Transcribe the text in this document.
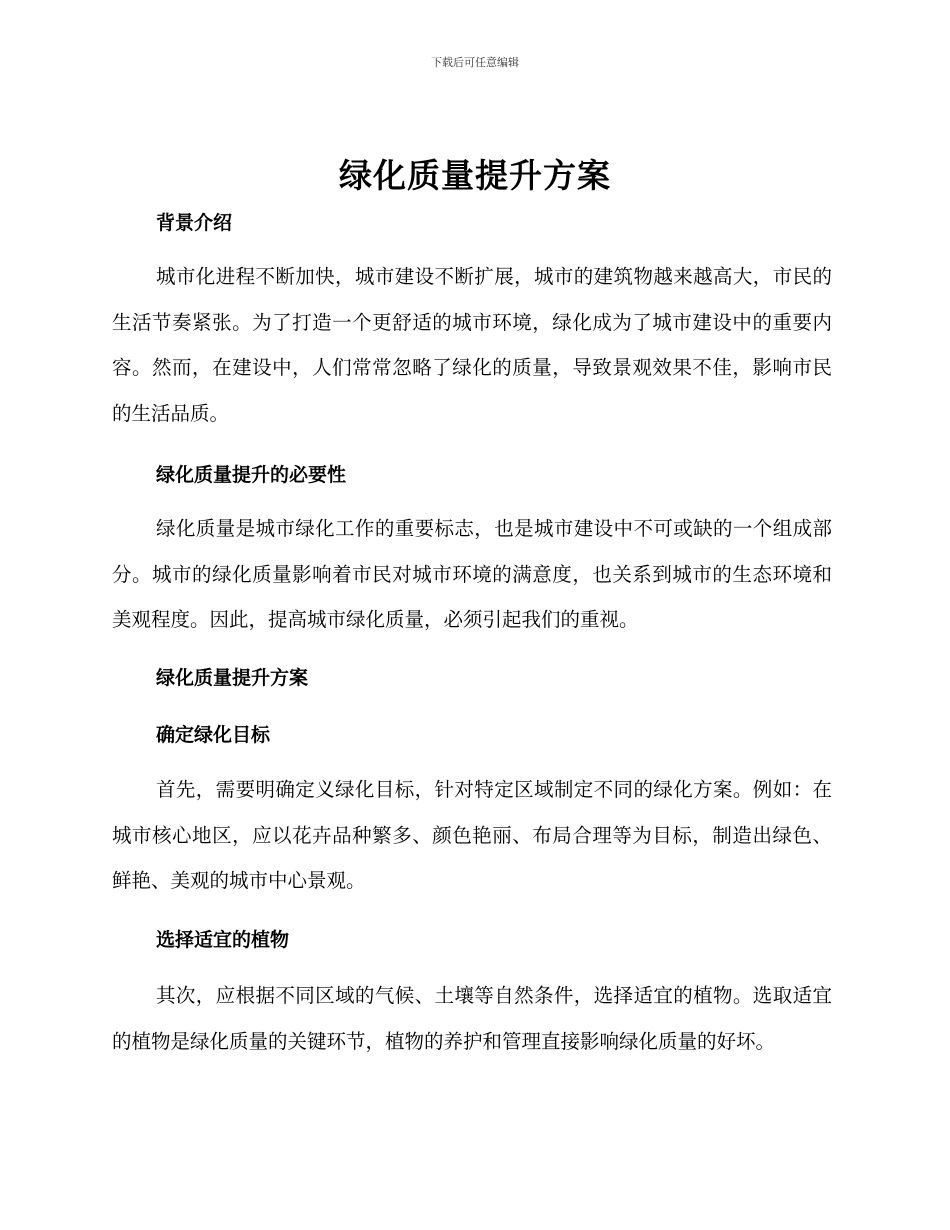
下载后可任意编辑
绿化质量提升方案
背景介绍

城市化进程不断加快，城市建设不断扩展，城市的建筑物越来越高大，市民的生活节奏紧张。为了打造一个更舒适的城市环境，绿化成为了城市建设中的重要内容。然而，在建设中，人们常常忽略了绿化的质量，导致景观效果不佳，影响市民的生活品质。

绿化质量提升的必要性

绿化质量是城市绿化工作的重要标志，也是城市建设中不可或缺的一个组成部分。城市的绿化质量影响着市民对城市环境的满意度，也关系到城市的生态环境和美观程度。因此，提高城市绿化质量，必须引起我们的重视。

绿化质量提升方案
确定绿化目标

首先，需要明确定义绿化目标，针对特定区域制定不同的绿化方案。例如：在城市核心地区，应以花卉品种繁多、颜色艳丽、布局合理等为目标，制造出绿色、鲜艳、美观的城市中心景观。

选择适宜的植物

其次，应根据不同区域的气候、土壤等自然条件，选择适宜的植物。选取适宜的植物是绿化质量的关键环节，植物的养护和管理直接影响绿化质量的好坏。
